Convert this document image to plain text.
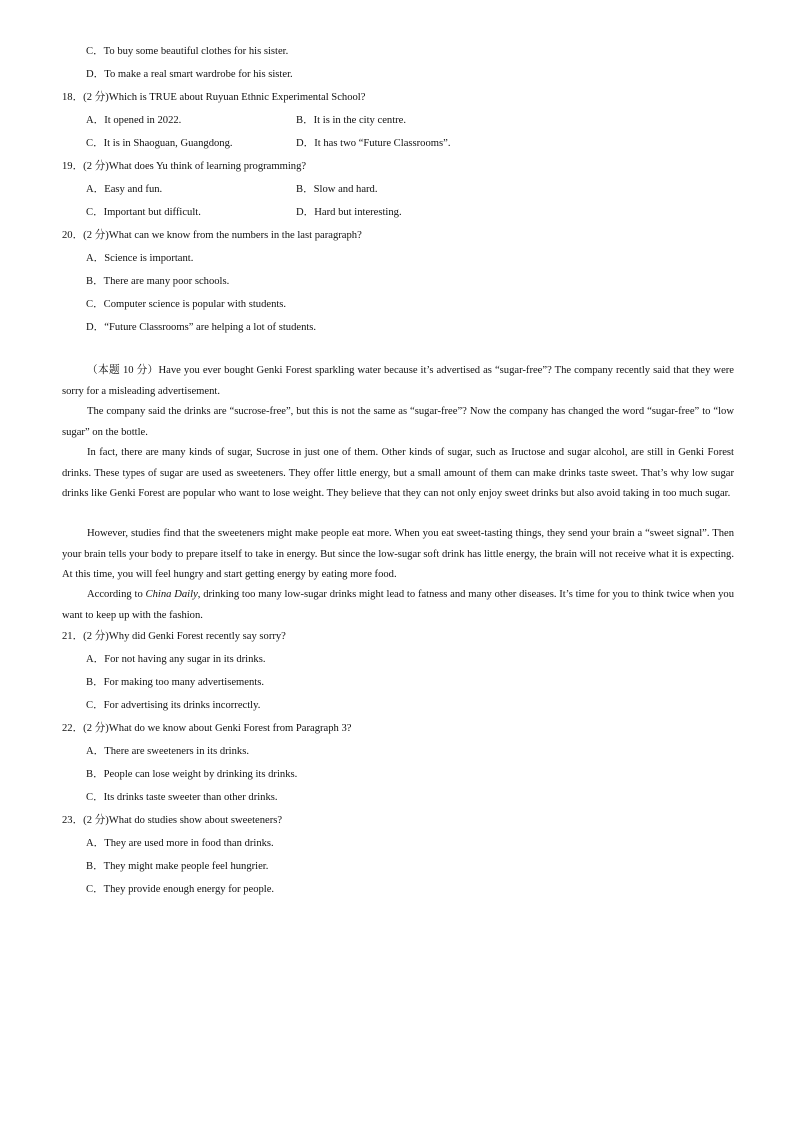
C．To buy some beautiful clothes for his sister.
D．To make a real smart wardrobe for his sister.
18．(2 分)Which is TRUE about Ruyuan Ethnic Experimental School?
A．It opened in 2022.	B．It is in the city centre.
C．It is in Shaoguan, Guangdong.	D．It has two “Future Classrooms”.
19．(2 分)What does Yu think of learning programming?
A．Easy and fun.	B．Slow and hard.
C．Important but difficult.	D．Hard but interesting.
20．(2 分)What can we know from the numbers in the last paragraph?
A．Science is important.
B．There are many poor schools.
C．Computer science is popular with students.
D．“Future Classrooms” are helping a lot of students.

（本题 10 分）Have you ever bought Genki Forest sparkling water because it’s advertised as “sugar-free”? The company recently said that they were sorry for a misleading advertisement.

The company said the drinks are “sucrose-free”, but this is not the same as “sugar-free”? Now the company has changed the word “sugar-free” to “low sugar” on the bottle.

In fact, there are many kinds of sugar, Sucrose in just one of them. Other kinds of sugar, such as Iructose and sugar alcohol, are still in Genki Forest drinks. These types of sugar are used as sweeteners. They offer little energy, but a small amount of them can make drinks taste sweet. That’s why low sugar drinks like Genki Forest are popular who want to lose weight. They believe that they can not only enjoy sweet drinks but also avoid taking in too much sugar.

However, studies find that the sweeteners might make people eat more. When you eat sweet-tasting things, they send your brain a “sweet signal”. Then your brain tells your body to prepare itself to take in energy. But since the low-sugar soft drink has little energy, the brain will not receive what it is expecting. At this time, you will feel hungry and start getting energy by eating more food.

According to China Daily, drinking too many low-sugar drinks might lead to fatness and many other diseases. It’s time for you to think twice when you want to keep up with the fashion.

21．(2 分)Why did Genki Forest recently say sorry?
A．For not having any sugar in its drinks.
B．For making too many advertisements.
C．For advertising its drinks incorrectly.
22．(2 分)What do we know about Genki Forest from Paragraph 3?
A．There are sweeteners in its drinks.
B．People can lose weight by drinking its drinks.
C．Its drinks taste sweeter than other drinks.
23．(2 分)What do studies show about sweeteners?
A．They are used more in food than drinks.
B．They might make people feel hungrier.
C．They provide enough energy for people.
